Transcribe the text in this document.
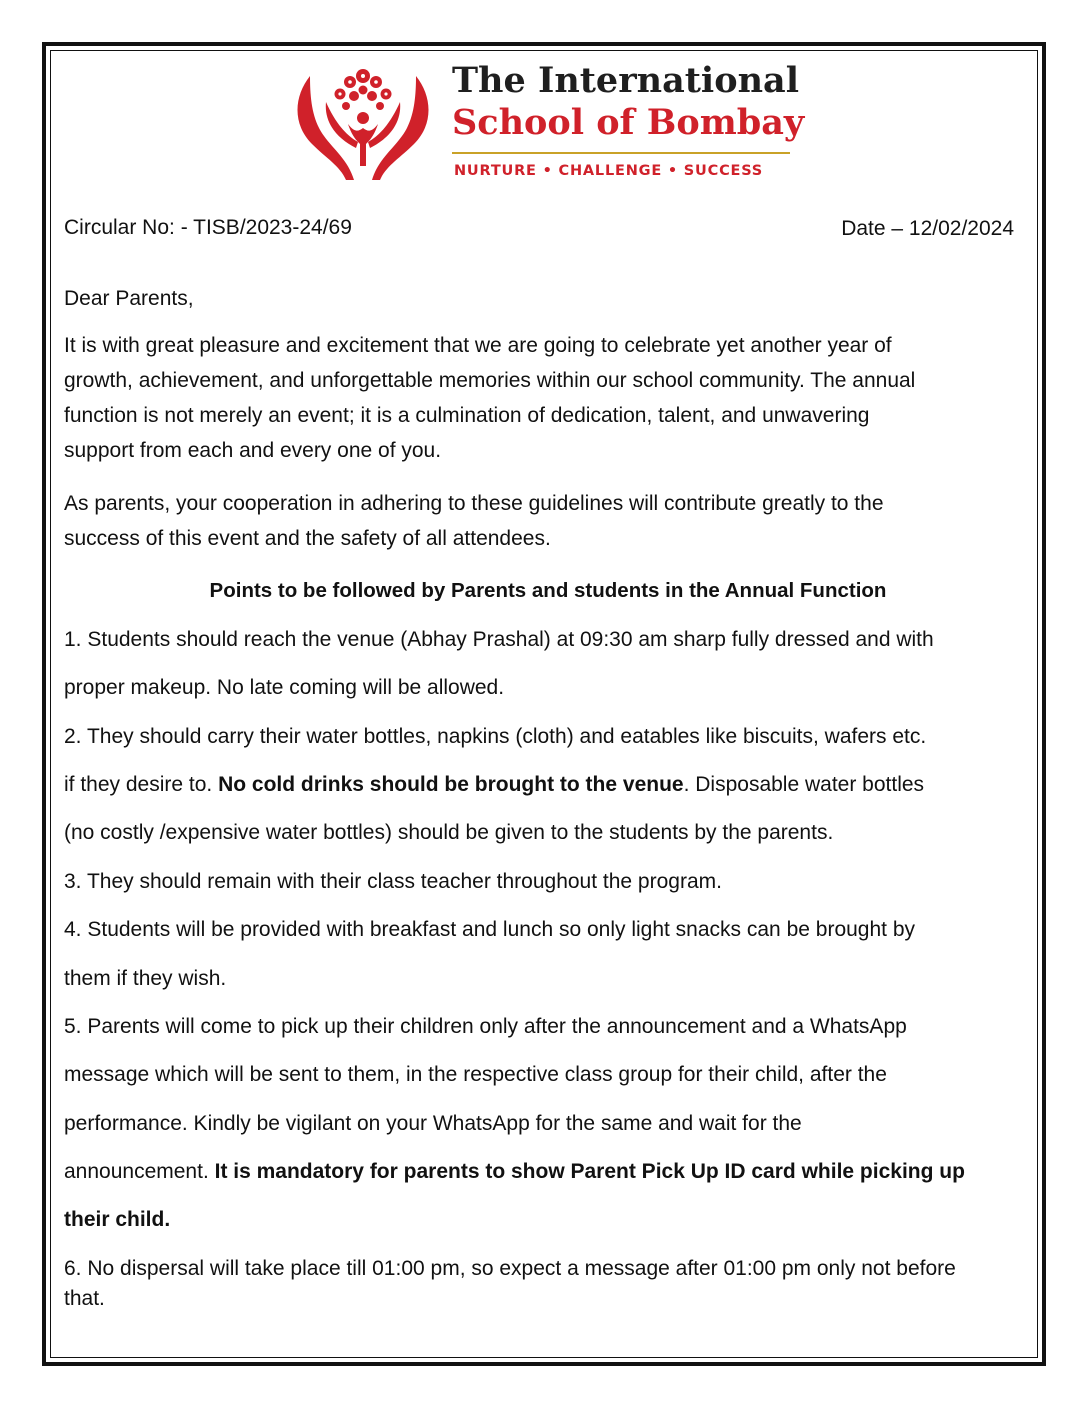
The International
School of Bombay
NURTURE • CHALLENGE • SUCCESS
Circular No: - TISB/2023-24/69	Date – 12/02/2024
Dear Parents,
It is with great pleasure and excitement that we are going to celebrate yet another year of
growth, achievement, and unforgettable memories within our school community. The annual
function is not merely an event; it is a culmination of dedication, talent, and unwavering
support from each and every one of you.
As parents, your cooperation in adhering to these guidelines will contribute greatly to the
success of this event and the safety of all attendees.
Points to be followed by Parents and students in the Annual Function
1. Students should reach the venue (Abhay Prashal) at 09:30 am sharp fully dressed and with
proper makeup. No late coming will be allowed.
2. They should carry their water bottles, napkins (cloth) and eatables like biscuits, wafers etc.
if they desire to. No cold drinks should be brought to the venue. Disposable water bottles
(no costly /expensive water bottles) should be given to the students by the parents.
3. They should remain with their class teacher throughout the program.
4. Students will be provided with breakfast and lunch so only light snacks can be brought by
them if they wish.
5. Parents will come to pick up their children only after the announcement and a WhatsApp
message which will be sent to them, in the respective class group for their child, after the
performance. Kindly be vigilant on your WhatsApp for the same and wait for the
announcement. It is mandatory for parents to show Parent Pick Up ID card while picking up
their child.
6. No dispersal will take place till 01:00 pm, so expect a message after 01:00 pm only not before
that.
